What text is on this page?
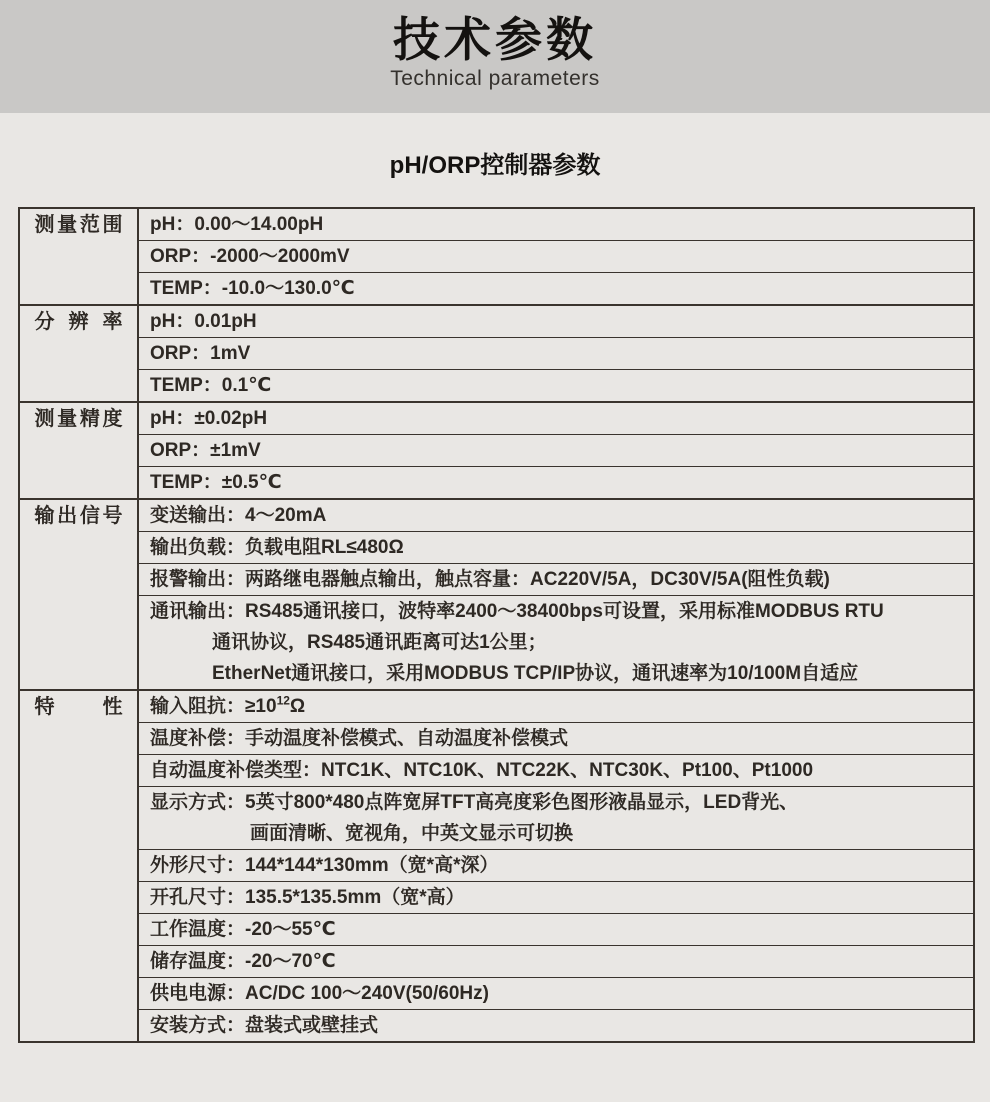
技术参数
Technical parameters
pH/ORP控制器参数
测量范围	pH：0.00～14.00pH
ORP：-2000～2000mV
TEMP：-10.0～130.0℃
分辨率	pH：0.01pH
ORP：1mV
TEMP：0.1℃
测量精度	pH：±0.02pH
ORP：±1mV
TEMP：±0.5℃
输出信号	变送输出：4～20mA
输出负载：负载电阻RL≤480Ω
报警输出：两路继电器触点输出，触点容量：AC220V/5A，DC30V/5A(阻性负载)
通讯输出：RS485通讯接口，波特率2400～38400bps可设置，采用标准MODBUS RTU
通讯协议，RS485通讯距离可达1公里；
EtherNet通讯接口，采用MODBUS TCP/IP协议，通讯速率为10/100M自适应
特性	输入阻抗：$\ge 10^{12}\Omega$
温度补偿：手动温度补偿模式、自动温度补偿模式
自动温度补偿类型：NTC1K、NTC10K、NTC22K、NTC30K、Pt100、Pt1000
显示方式：5英寸800*480点阵宽屏TFT高亮度彩色图形液晶显示，LED背光、
画面清晰、宽视角，中英文显示可切换
外形尺寸：144*144*130mm（宽*高*深）
开孔尺寸：135.5*135.5mm（宽*高）
工作温度：-20～55℃
储存温度：-20～70℃
供电电源：AC/DC 100～240V(50/60Hz)
安装方式：盘装式或壁挂式
